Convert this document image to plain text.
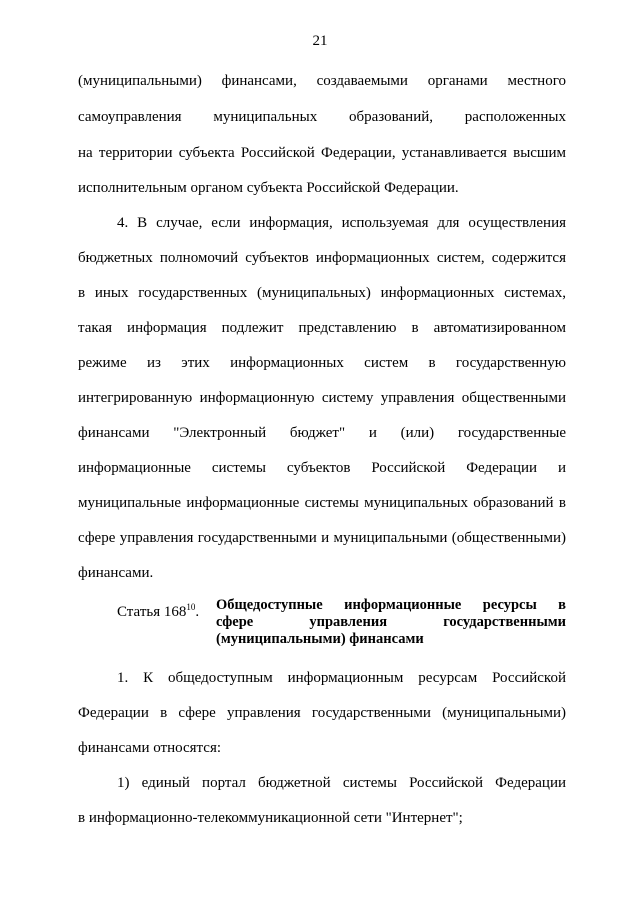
21
(муниципальными) финансами, создаваемыми органами местного
самоуправления муниципальных образований, расположенных
на территории субъекта Российской Федерации, устанавливается высшим
исполнительным органом субъекта Российской Федерации.
4. В случае, если информация, используемая для осуществления
бюджетных полномочий субъектов информационных систем, содержится
в иных государственных (муниципальных) информационных системах,
такая информация подлежит представлению в автоматизированном
режиме из этих информационных систем в государственную
интегрированную информационную систему управления общественными
финансами "Электронный бюджет" и (или) государственные
информационные системы субъектов Российской Федерации и
муниципальные информационные системы муниципальных образований в
сфере управления государственными и муниципальными (общественными)
финансами.
Статья $168^{10}$. Общедоступные информационные ресурсы в
сфере управления государственными
(муниципальными) финансами
1. К общедоступным информационным ресурсам Российской
Федерации в сфере управления государственными (муниципальными)
финансами относятся:
1) единый портал бюджетной системы Российской Федерации
в информационно-телекоммуникационной сети "Интернет";
